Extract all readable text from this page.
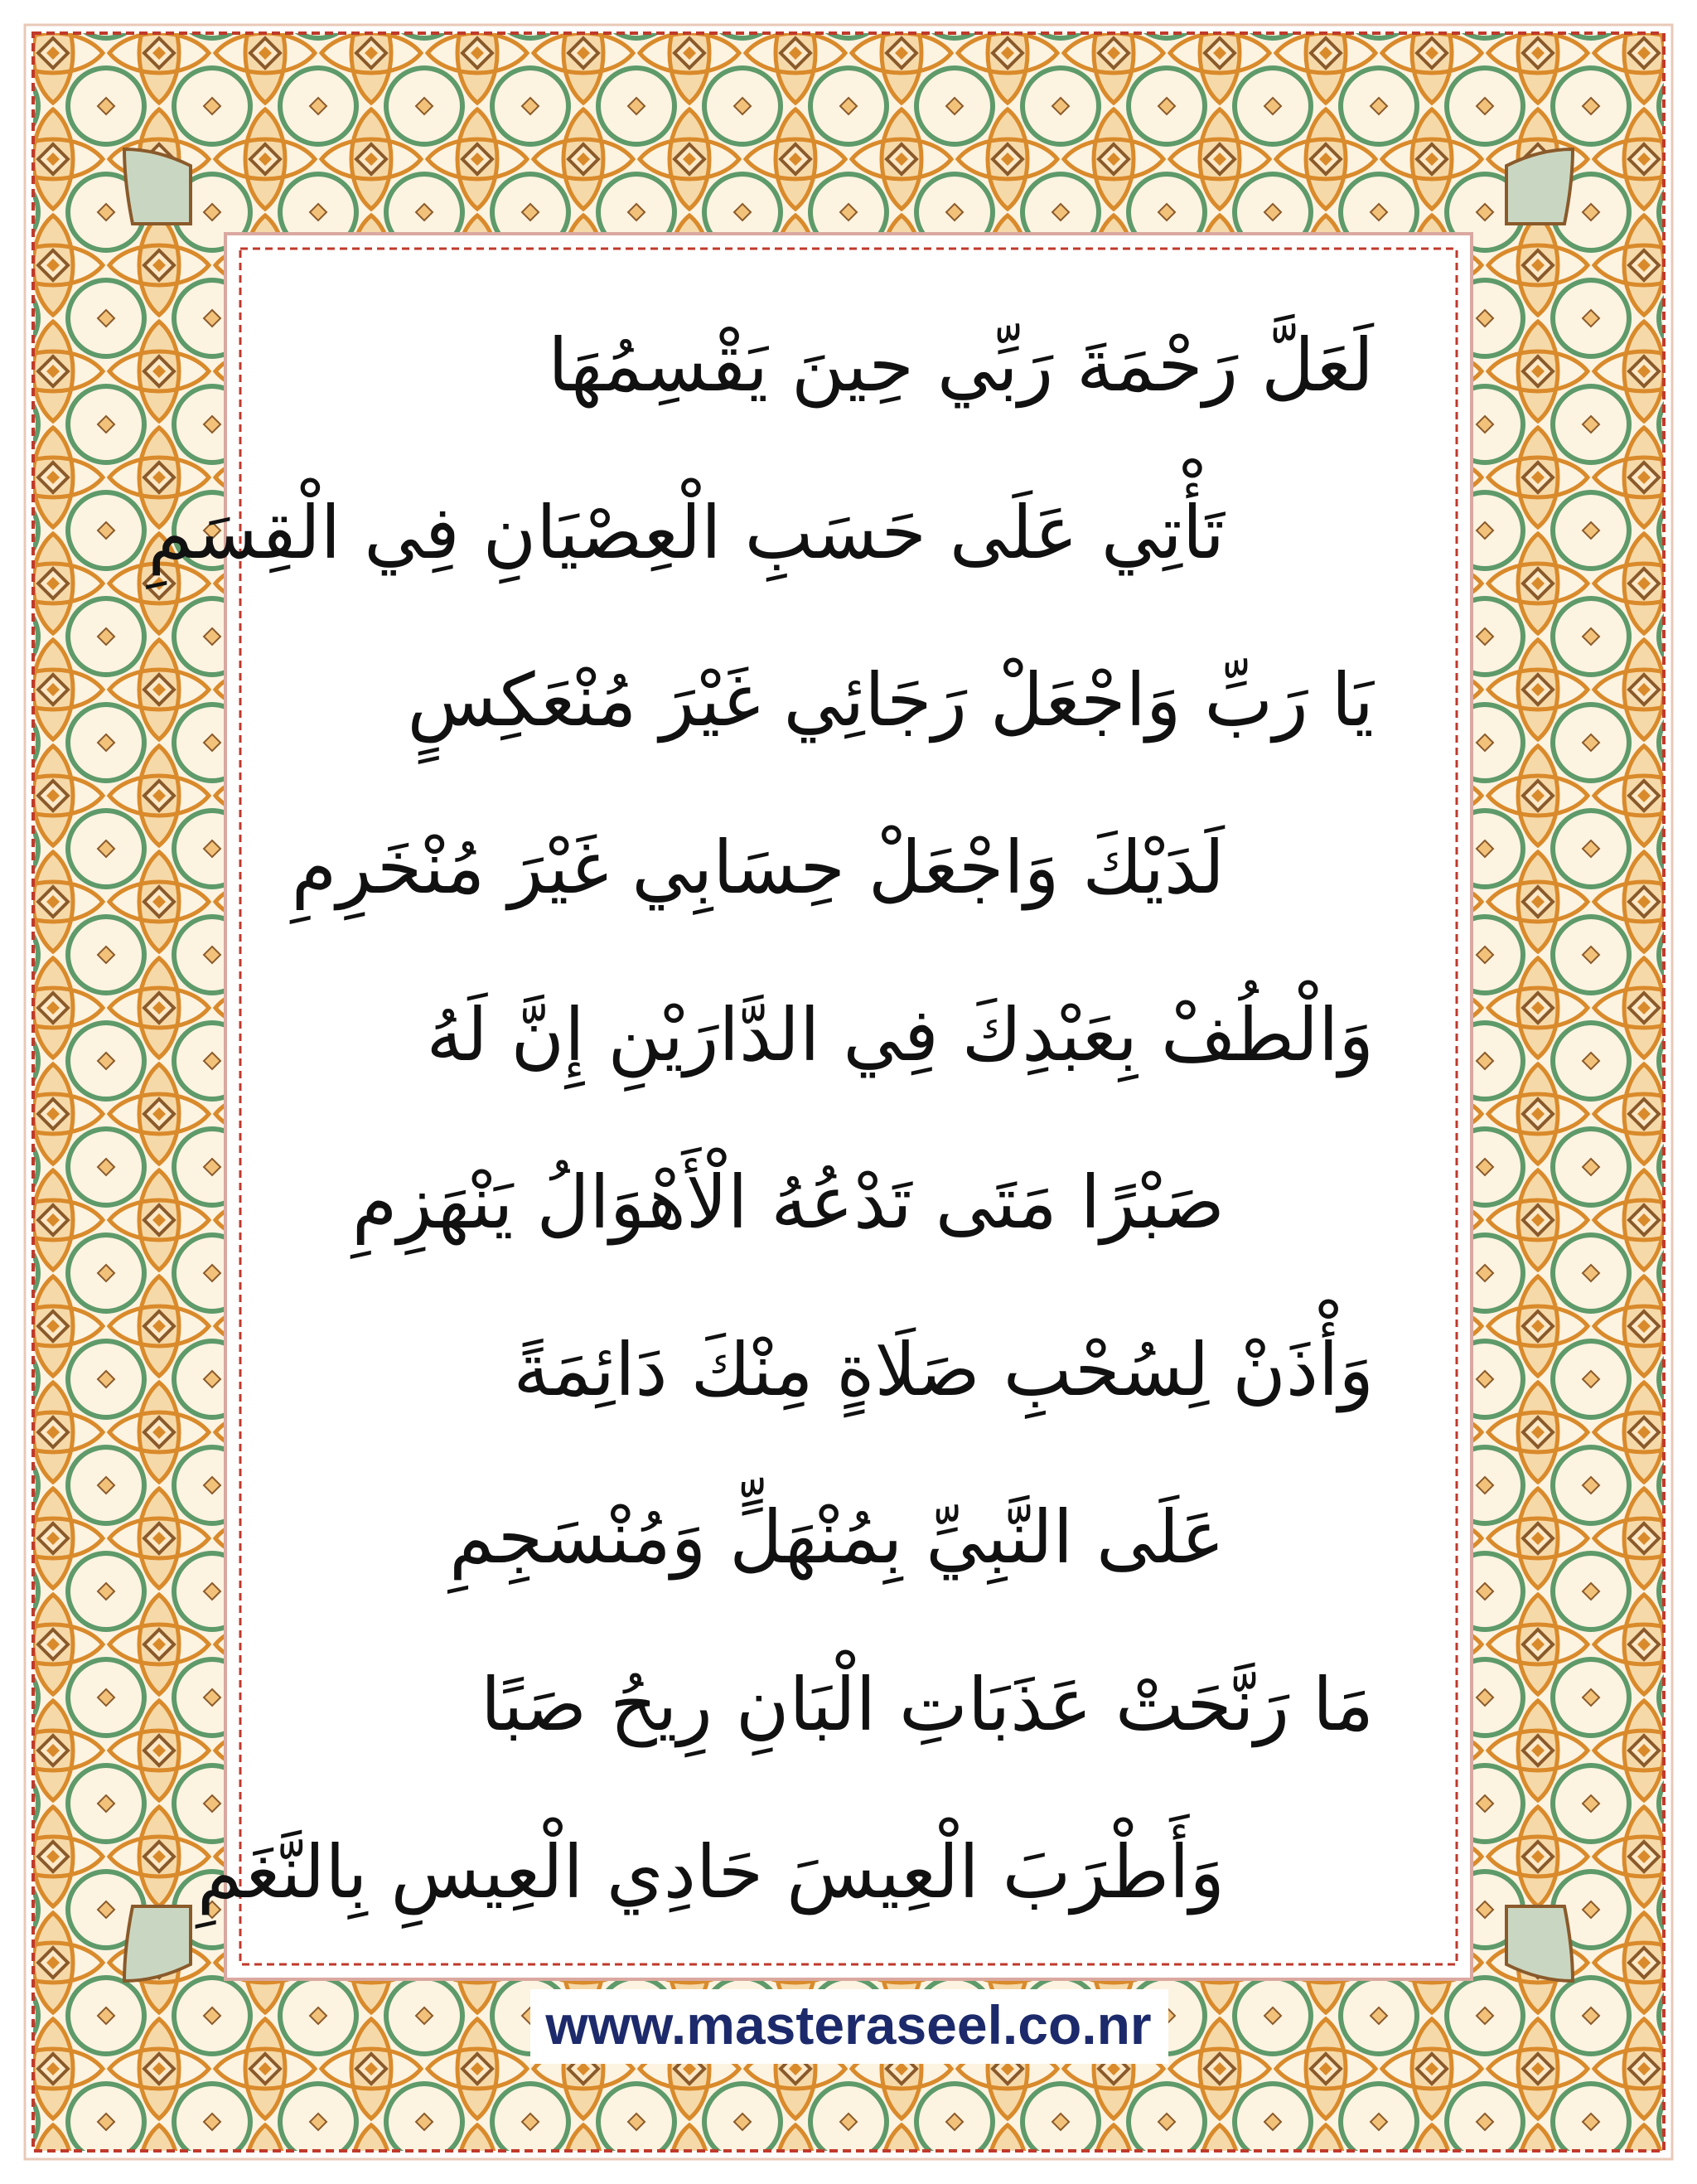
لَعَلَّ رَحْمَةَ رَبِّي حِينَ يَقْسِمُهَا
تَأْتِي عَلَى حَسَبِ الْعِصْيَانِ فِي الْقِسَمِ
يَا رَبِّ وَاجْعَلْ رَجَائِي غَيْرَ مُنْعَكِسٍ
لَدَيْكَ وَاجْعَلْ حِسَابِي غَيْرَ مُنْخَرِمِ
وَالْطُفْ بِعَبْدِكَ فِي الدَّارَيْنِ إِنَّ لَهُ
صَبْرًا مَتَى تَدْعُهُ الْأَهْوَالُ يَنْهَزِمِ
وَأْذَنْ لِسُحْبِ صَلَاةٍ مِنْكَ دَائِمَةً
عَلَى النَّبِيِّ بِمُنْهَلٍّ وَمُنْسَجِمِ
مَا رَنَّحَتْ عَذَبَاتِ الْبَانِ رِيحُ صَبًا
وَأَطْرَبَ الْعِيسَ حَادِي الْعِيسِ بِالنَّغَمِ
www.masteraseel.co.nr
